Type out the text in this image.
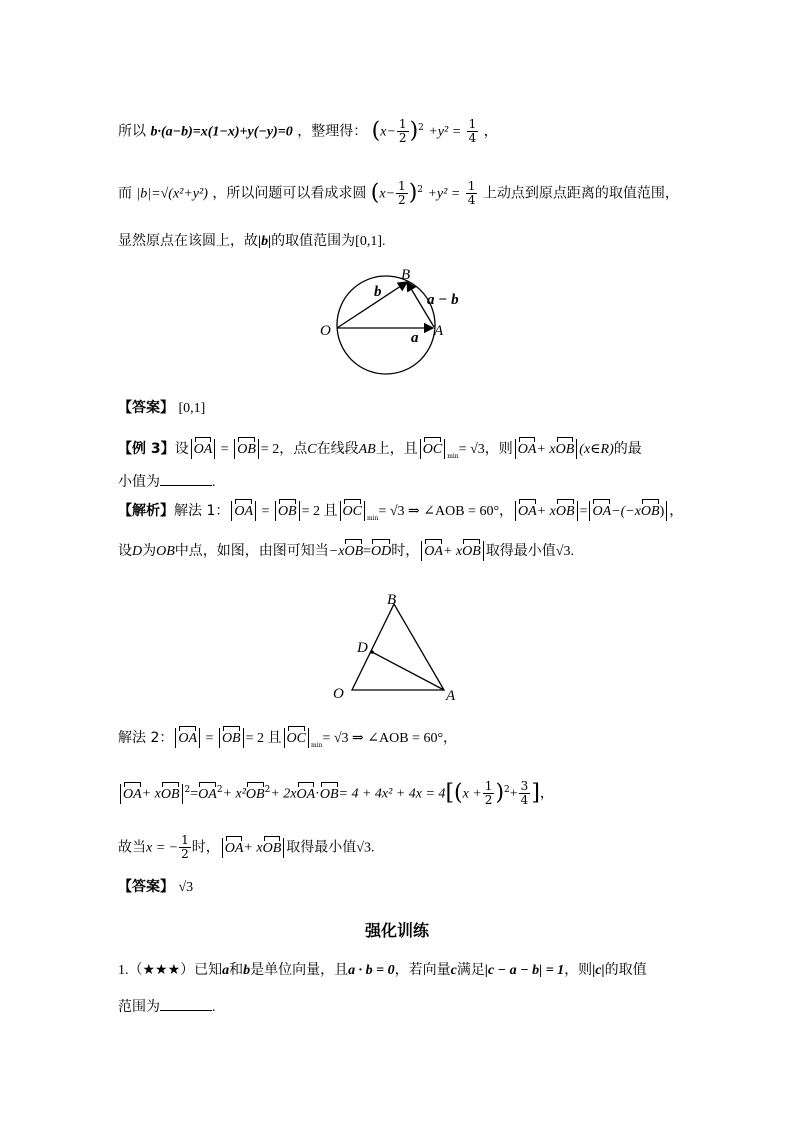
所以 b·(a−b)=x(1−x)+y(−y)=0 ，整理得： $(x- \frac{1}{2} )^2 +y^2 = \frac{1}{4}$ ，
而 |b|=√(x²+y²) ，所以问题可以看成求圆 $(x- \frac{1}{2} )^2 +y^2 = \frac{1}{4}$ 上动点到原点距离的取值范围，
显然原点在该圆上，故|b|的取值范围为[0,1].
O	A
B
a
b	a − b
【答案】 [0,1]
【例 3】设 OA = OB = 2，点C在线段AB上，且 OC $_{min}$= √3，则 OA+ xOB (x∈R)的最
小值为	.
【解析】解法 1： OA = OB = 2 且 OC $_{min}$= √3 ⇒ ∠AOB = 60°， OA+ xOB = OA−(−xOB) ，
设D为OB中点，如图，由图可知当−xOB=OD时， OA+ xOB 取得最小值√3.
O	A
B
D
解法 2： OA = OB = 2 且 OC $_{min}$= √3 ⇒ ∠AOB = 60°，
OA+ xOB $^2=OA^2+ x^2OB^2+ 2xOA\cdot OB= 4 + 4x^2 + 4x = 4[(x + \frac{1}{2} )^2+ \frac{3}{4}$ ]，
故当x = − $\frac{1}{2}$ 时， OA+ xOB 取得最小值√3.
【答案】 √3
强化训练
1.（★★★）已知a和b是单位向量，且a · b = 0，若向量c满足|c − a − b| = 1，则|c|的取值
范围为	.
